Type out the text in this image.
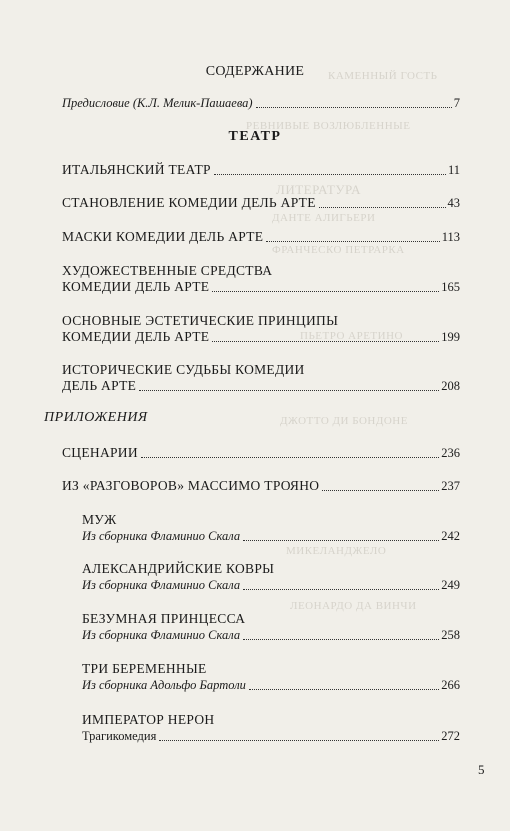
КАМЕННЫЙ ГОСТЬ
РЕВНИВЫЕ ВОЗЛЮБЛЕННЫЕ
ЛИТЕРАТУРА
ДАНТЕ АЛИГЬЕРИ
ФРАНЧЕСКО ПЕТРАРКА
ПЬЕТРО АРЕТИНО
ДЖОТТО ДИ БОНДОНЕ
МИКЕЛАНДЖЕЛО
ЛЕОНАРДО ДА ВИНЧИ
СОДЕРЖАНИЕ
Предисловие (К.Л. Мелик-Пашаева)	7
ТЕАТР
ИТАЛЬЯНСКИЙ ТЕАТР	11
СТАНОВЛЕНИЕ КОМЕДИИ ДЕЛЬ АРТЕ	43
МАСКИ КОМЕДИИ ДЕЛЬ АРТЕ	113
ХУДОЖЕСТВЕННЫЕ СРЕДСТВА
КОМЕДИИ ДЕЛЬ АРТЕ	165
ОСНОВНЫЕ ЭСТЕТИЧЕСКИЕ ПРИНЦИПЫ
КОМЕДИИ ДЕЛЬ АРТЕ	199
ИСТОРИЧЕСКИЕ СУДЬБЫ КОМЕДИИ
ДЕЛЬ АРТЕ	208
ПРИЛОЖЕНИЯ
СЦЕНАРИИ	236
ИЗ «РАЗГОВОРОВ» МАССИМО ТРОЯНО	237
МУЖ
Из сборника Фламинио Скала	242
АЛЕКСАНДРИЙСКИЕ КОВРЫ
Из сборника Фламинио Скала	249
БЕЗУМНАЯ ПРИНЦЕССА
Из сборника Фламинио Скала	258
ТРИ БЕРЕМЕННЫЕ
Из сборника Адольфо Бартоли	266
ИМПЕРАТОР НЕРОН
Трагикомедия	272
5
